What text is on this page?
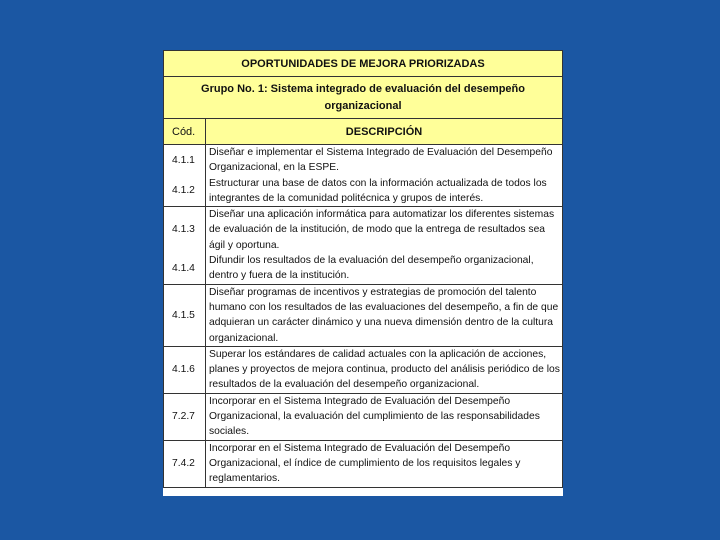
OPORTUNIDADES DE MEJORA PRIORIZADAS	
Grupo No. 1: Sistema integrado de evaluación del desempeño organizacional	
Cód.	DESCRIPCIÓN
4.1.1	Diseñar e implementar el Sistema Integrado de Evaluación del Desempeño Organizacional, en la ESPE.
4.1.2	Estructurar una base de datos con la información actualizada de todos los integrantes de la comunidad politécnica y grupos de interés.
4.1.3	Diseñar una aplicación informática para automatizar los diferentes sistemas de evaluación de la institución, de modo que la entrega de resultados sea ágil y oportuna.
4.1.4	Difundir los resultados de la evaluación del desempeño organizacional, dentro y fuera de la institución.
4.1.5	Diseñar programas de incentivos y estrategias de promoción del talento humano con los resultados de las evaluaciones del desempeño, a fin de que adquieran un carácter dinámico y una nueva dimensión dentro de la cultura organizacional.
4.1.6	Superar los estándares de calidad actuales con la aplicación de acciones, planes y proyectos de mejora continua, producto del análisis periódico de los resultados de la evaluación del desempeño organizacional.
7.2.7	Incorporar en el Sistema Integrado de Evaluación del Desempeño Organizacional, la evaluación del cumplimiento de las responsabilidades sociales.
7.4.2	Incorporar en el Sistema Integrado de Evaluación del Desempeño Organizacional, el índice de cumplimiento de los requisitos legales y reglamentarios.
